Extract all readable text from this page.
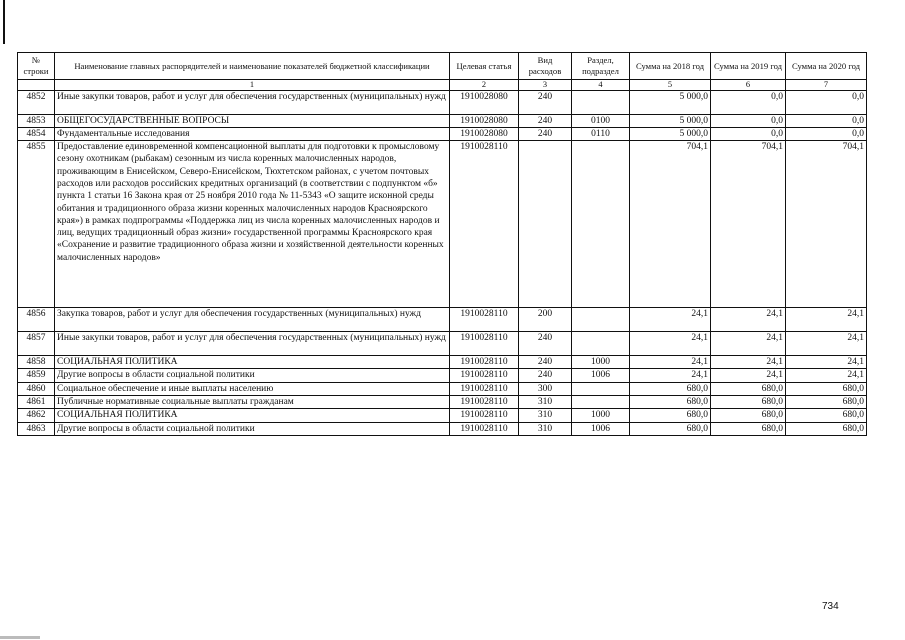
№ строки	Наименование главных распорядителей и наименование показателей бюджетной классификации	Целевая статья	Вид расходов	Раздел, подраздел	Сумма на 2018 год	Сумма на 2019 год	Сумма на 2020 год
	1	2	3	4	5	6	7
4852	Иные закупки товаров, работ и услуг для обеспечения государственных (муниципальных) нужд	1910028080	240		5 000,0	0,0	0,0
4853	ОБЩЕГОСУДАРСТВЕННЫЕ ВОПРОСЫ	1910028080	240	0100	5 000,0	0,0	0,0
4854	Фундаментальные исследования	1910028080	240	0110	5 000,0	0,0	0,0
4855	Предоставление единовременной компенсационной выплаты для подготовки к промысловому сезону охотникам (рыбакам) сезонным из числа коренных малочисленных народов, проживающим в Енисейском, Северо-Енисейском, Тюхтетском районах, с учетом почтовых расходов или расходов российских кредитных организаций (в соответствии с подпунктом «б» пункта 1 статьи 16 Закона края от 25 ноября 2010 года № 11-5343 «О защите исконной среды обитания и традиционного образа жизни коренных малочисленных народов Красноярского края») в рамках подпрограммы «Поддержка лиц из числа коренных малочисленных народов и лиц, ведущих традиционный образ жизни» государственной программы Красноярского края «Сохранение и развитие традиционного образа жизни и хозяйственной деятельности коренных малочисленных народов»	1910028110			704,1	704,1	704,1
4856	Закупка товаров, работ и услуг для обеспечения государственных (муниципальных) нужд	1910028110	200		24,1	24,1	24,1
4857	Иные закупки товаров, работ и услуг для обеспечения государственных (муниципальных) нужд	1910028110	240		24,1	24,1	24,1
4858	СОЦИАЛЬНАЯ ПОЛИТИКА	1910028110	240	1000	24,1	24,1	24,1
4859	Другие вопросы в области социальной политики	1910028110	240	1006	24,1	24,1	24,1
4860	Социальное обеспечение и иные выплаты населению	1910028110	300		680,0	680,0	680,0
4861	Публичные нормативные социальные выплаты гражданам	1910028110	310		680,0	680,0	680,0
4862	СОЦИАЛЬНАЯ ПОЛИТИКА	1910028110	310	1000	680,0	680,0	680,0
4863	Другие вопросы в области социальной политики	1910028110	310	1006	680,0	680,0	680,0
734
